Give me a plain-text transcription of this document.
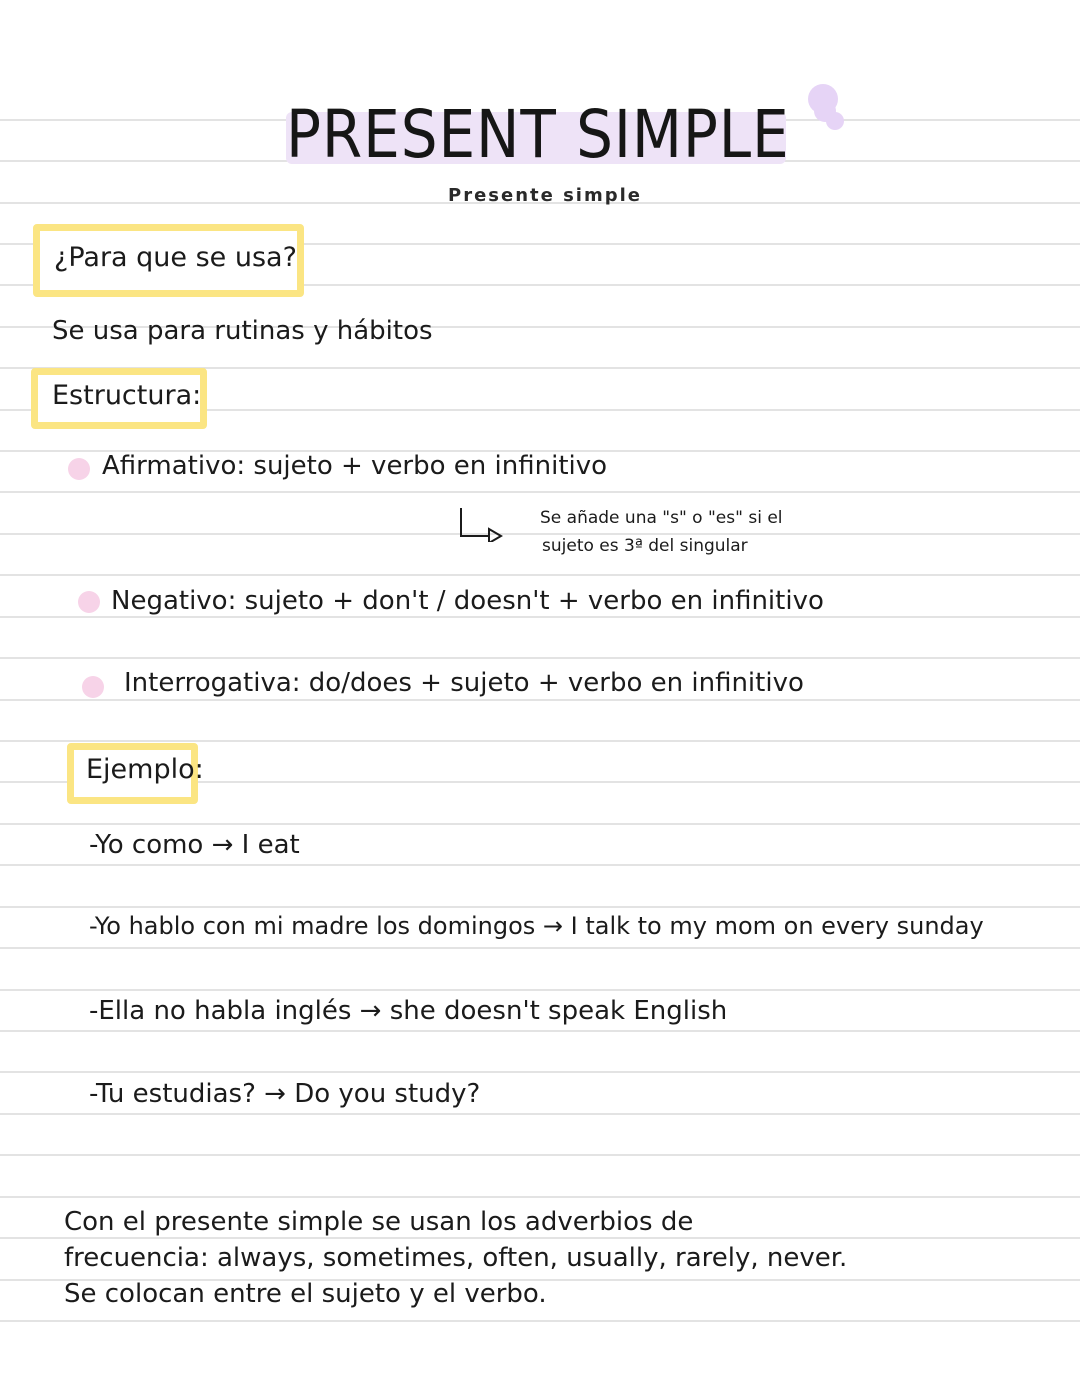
PRESENT SIMPLE
Presente simple
¿Para que se usa?
Se usa para rutinas y hábitos
Estructura:
Afirmativo: sujeto + verbo en infinitivo
Se añade una "s" o "es" si el
sujeto es 3ª del singular
Negativo: sujeto + don't / doesn't + verbo en infinitivo
Interrogativa: do/does + sujeto + verbo en infinitivo
Ejemplo:
-Yo como → I eat
-Yo hablo con mi madre los domingos → I talk to my mom on every sunday
-Ella no habla inglés → she doesn't speak English
-Tu estudias? → Do you study?
Con el presente simple se usan los adverbios de
frecuencia: always, sometimes, often, usually, rarely, never.
Se colocan entre el sujeto y el verbo.
